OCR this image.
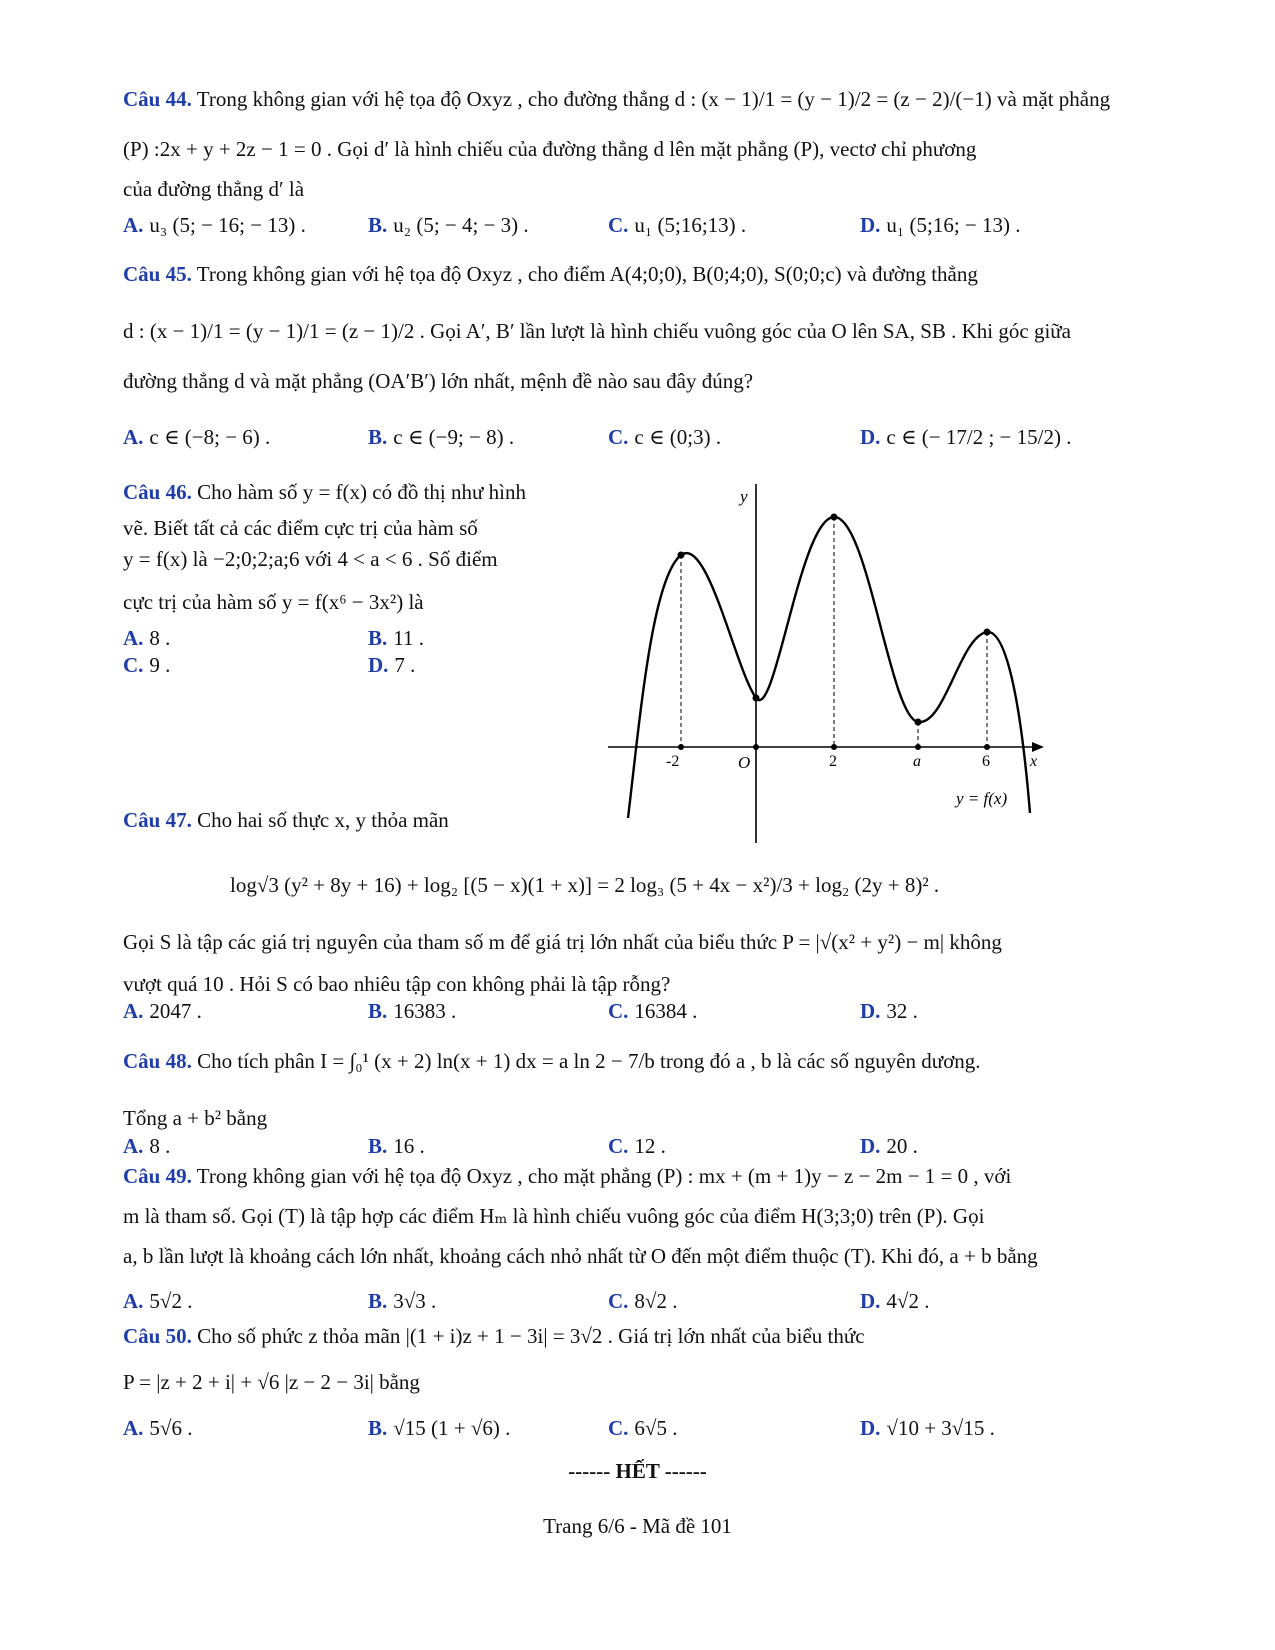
Câu 44. Trong không gian với hệ tọa độ Oxyz , cho đường thẳng d : (x − 1)/1 = (y − 1)/2 = (z − 2)/(−1) và mặt phẳng
(P) :2x + y + 2z − 1 = 0 . Gọi d′ là hình chiếu của đường thẳng d lên mặt phẳng (P), vectơ chỉ phương
của đường thẳng d′ là
A. u₃ (5; − 16; − 13) .	B. u₂ (5; − 4; − 3) .	C. u₁ (5;16;13) .	D. u₁ (5;16; − 13) .
Câu 45. Trong không gian với hệ tọa độ Oxyz , cho điểm A(4;0;0), B(0;4;0), S(0;0;c) và đường thẳng
d : (x − 1)/1 = (y − 1)/1 = (z − 1)/2 . Gọi A′, B′ lần lượt là hình chiếu vuông góc của O lên SA, SB . Khi góc giữa
đường thẳng d và mặt phẳng (OA′B′) lớn nhất, mệnh đề nào sau đây đúng?
A. c ∈ (−8; − 6) .	B. c ∈ (−9; − 8) .	C. c ∈ (0;3) .	D. c ∈ (− 17/2 ; − 15/2) .
Câu 46. Cho hàm số y = f(x) có đồ thị như hình
vẽ. Biết tất cả các điểm cực trị của hàm số
y = f(x) là −2;0;2;a;6 với 4 < a < 6 . Số điểm
cực trị của hàm số y = f(x⁶ − 3x²) là
A. 8 .	B. 11 .
C. 9 .	D. 7 .
y
x
O
-2	2	a	6
y = f(x)
Câu 47. Cho hai số thực x, y thỏa mãn
log√3 (y² + 8y + 16) + log₂ [(5 − x)(1 + x)] = 2 log₃ (5 + 4x − x²)/3 + log₂ (2y + 8)² .
Gọi S là tập các giá trị nguyên của tham số m để giá trị lớn nhất của biểu thức P = |√(x² + y²) − m| không
vượt quá 10 . Hỏi S có bao nhiêu tập con không phải là tập rỗng?
A. 2047 .	B. 16383 .	C. 16384 .	D. 32 .
Câu 48. Cho tích phân I = ∫₀¹ (x + 2) ln(x + 1) dx = a ln 2 − 7/b trong đó a , b là các số nguyên dương.
Tổng a + b² bằng
A. 8 .	B. 16 .	C. 12 .	D. 20 .
Câu 49. Trong không gian với hệ tọa độ Oxyz , cho mặt phẳng (P) : mx + (m + 1)y − z − 2m − 1 = 0 , với
m là tham số. Gọi (T) là tập hợp các điểm Hₘ là hình chiếu vuông góc của điểm H(3;3;0) trên (P). Gọi
a, b lần lượt là khoảng cách lớn nhất, khoảng cách nhỏ nhất từ O đến một điểm thuộc (T). Khi đó, a + b bằng
A. 5√2 .	B. 3√3 .	C. 8√2 .	D. 4√2 .
Câu 50. Cho số phức z thỏa mãn |(1 + i)z + 1 − 3i| = 3√2 . Giá trị lớn nhất của biểu thức
P = |z + 2 + i| + √6 |z − 2 − 3i| bằng
A. 5√6 .	B. √15 (1 + √6) .	C. 6√5 .	D. √10 + 3√15 .
------ HẾT ------
Trang 6/6 - Mã đề 101
